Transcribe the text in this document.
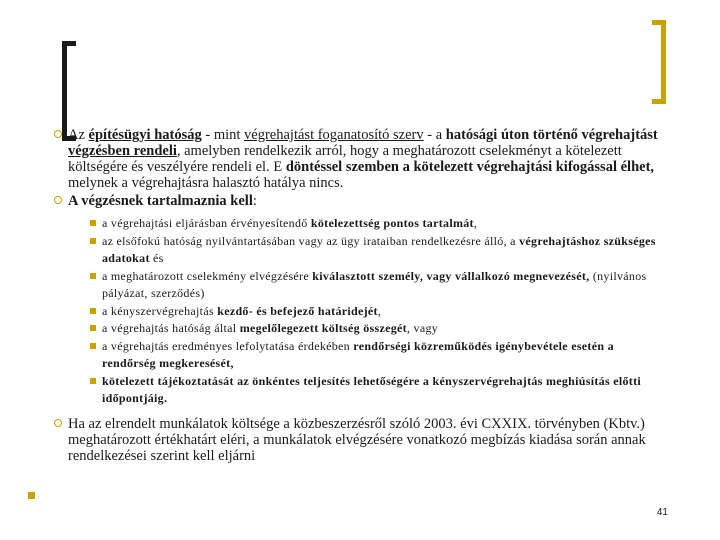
Az építésügyi hatóság - mint végrehajtást foganatosító szerv - a hatósági úton történő végrehajtást végzésben rendeli, amelyben rendelkezik arról, hogy a meghatározott cselekményt a kötelezett költségére és veszélyére rendeli el. E döntéssel szemben a kötelezett végrehajtási kifogással élhet, melynek a végrehajtásra halasztó hatálya nincs.
A végzésnek tartalmaznia kell:
a végrehajtási eljárásban érvényesítendő kötelezettség pontos tartalmát,
az elsőfokú hatóság nyilvántartásában vagy az ügy irataiban rendelkezésre álló, a végrehajtáshoz szükséges adatokat és
a meghatározott cselekmény elvégzésére kiválasztott személy, vagy vállalkozó megnevezését, (nyilvános pályázat, szerződés)
a kényszervégrehajtás kezdő- és befejező határidejét,
a végrehajtás hatóság által megelőlegezett költség összegét, vagy
a végrehajtás eredményes lefolytatása érdekében rendőrségi közreműködés igénybevétele esetén a rendőrség megkeresését,
kötelezett tájékoztatását az önkéntes teljesítés lehetőségére a kényszervégrehajtás meghiúsítás előtti időpontjáig.
Ha az elrendelt munkálatok költsége a közbeszerzésről szóló 2003. évi CXXIX. törvényben (Kbtv.) meghatározott értékhatárt eléri, a munkálatok elvégzésére vonatkozó megbízás kiadása során annak rendelkezései szerint kell eljárni
41
